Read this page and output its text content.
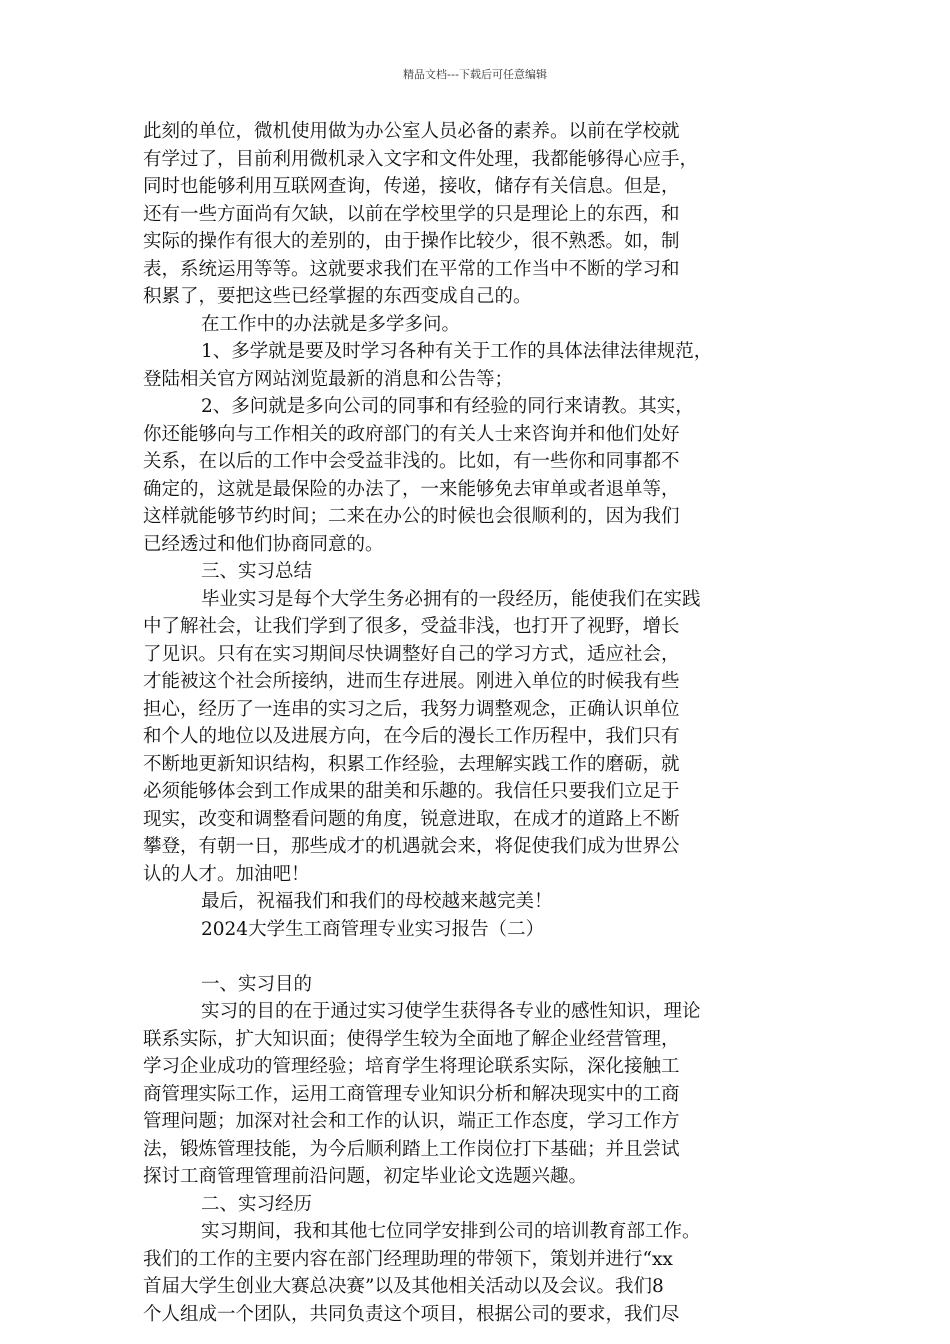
精品文档---下载后可任意编辑
此刻的单位，微机使用做为办公室人员必备的素养。以前在学校就
有学过了，目前利用微机录入文字和文件处理，我都能够得心应手，
同时也能够利用互联网查询，传递，接收，储存有关信息。但是，
还有一些方面尚有欠缺，以前在学校里学的只是理论上的东西，和
实际的操作有很大的差别的，由于操作比较少，很不熟悉。如，制
表，系统运用等等。这就要求我们在平常的工作当中不断的学习和
积累了，要把这些已经掌握的东西变成自己的。
在工作中的办法就是多学多问。
1、多学就是要及时学习各种有关于工作的具体法律法律规范，
登陆相关官方网站浏览最新的消息和公告等；
2、多问就是多向公司的同事和有经验的同行来请教。其实，
你还能够向与工作相关的政府部门的有关人士来咨询并和他们处好
关系，在以后的工作中会受益非浅的。比如，有一些你和同事都不
确定的，这就是最保险的办法了，一来能够免去审单或者退单等，
这样就能够节约时间；二来在办公的时候也会很顺利的，因为我们
已经透过和他们协商同意的。
三、实习总结
毕业实习是每个大学生务必拥有的一段经历，能使我们在实践
中了解社会，让我们学到了很多，受益非浅，也打开了视野，增长
了见识。只有在实习期间尽快调整好自己的学习方式，适应社会，
才能被这个社会所接纳，进而生存进展。刚进入单位的时候我有些
担心，经历了一连串的实习之后，我努力调整观念，正确认识单位
和个人的地位以及进展方向，在今后的漫长工作历程中，我们只有
不断地更新知识结构，积累工作经验，去理解实践工作的磨砺，就
必须能够体会到工作成果的甜美和乐趣的。我信任只要我们立足于
现实，改变和调整看问题的角度，锐意进取，在成才的道路上不断
攀登，有朝一日，那些成才的机遇就会来，将促使我们成为世界公
认的人才。加油吧！
最后，祝福我们和我们的母校越来越完美！
2024大学生工商管理专业实习报告（二）
一、实习目的
实习的目的在于通过实习使学生获得各专业的感性知识，理论
联系实际，扩大知识面；使得学生较为全面地了解企业经营管理，
学习企业成功的管理经验；培育学生将理论联系实际，深化接触工
商管理实际工作，运用工商管理专业知识分析和解决现实中的工商
管理问题；加深对社会和工作的认识，端正工作态度，学习工作方
法，锻炼管理技能，为今后顺利踏上工作岗位打下基础；并且尝试
探讨工商管理管理前沿问题，初定毕业论文选题兴趣。
二、实习经历
实习期间，我和其他七位同学安排到公司的培训教育部工作。
我们的工作的主要内容在部门经理助理的带领下，策划并进行“xx
首届大学生创业大赛总决赛”以及其他相关活动以及会议。我们8
个人组成一个团队，共同负责这个项目，根据公司的要求，我们尽
